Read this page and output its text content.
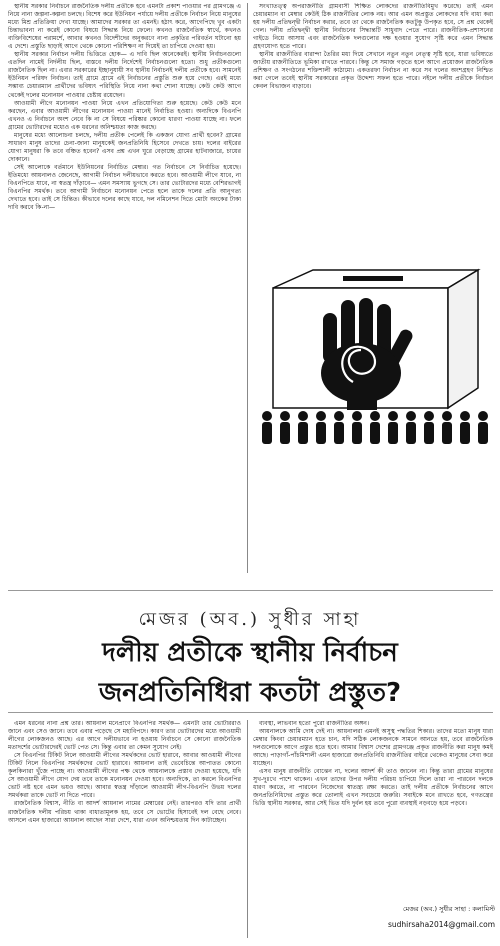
স্থানীয় সরকার নির্বাচনে রাজনৈতিক দলীয় প্রতীকে হবে এমনটা প্রকাশ পাওয়ার পর গ্রামগঞ্জে এ নিয়ে নানা জল্পনা-কল্পনা চলছে। বিশেষ করে ইউনিয়ন পর্যায়ে দলীয় প্রতীকে নির্বাচন নিয়ে মানুষের মধ্যে মিশ্র প্রতিক্রিয়া দেখা যাচ্ছে। আমাদের সরকার তা এমনই। হঠাৎ করে, আগেপিছে খুব একটা চিন্তাভাবনা না করেই কোনো বিষয়ে সিদ্ধান্ত নিয়ে ফেলে। কখনও রাজনৈতিক স্বার্থে, কখনও ব্যক্তিবিশেষের পরামর্শে, আবার কখনও বিদেশীদের অনুকরণে নানা প্রকৃতির পরিবর্তন ঘটানো হয় এ দেশে। প্রস্তুতি ছাড়াই আগে থেকে কোনো পরিশিক্ষণ না দিয়েই তা চাপিয়ে দেওয়া হয়।

স্থানীয় সরকার নির্বাচন দলীয় ভিত্তিতে হোক— এ দাবি ছিল অনেকেরই। স্থানীয় নির্বাচনগুলো এতদিন নামেই নির্দলীয় ছিল, বাস্তবে দলীয় নির্দেশেই নির্বাচনগুলো হতো। শুধু প্রতীকগুলো রাজনৈতিক ছিল না। এবার সরকারের ইচ্ছানুযায়ী সব স্থানীয় নির্বাচনই দলীয় প্রতীকে হবে। সামনেই ইউনিয়ন পরিষদ নির্বাচন। তাই গ্রামে গ্রামে এই নির্বাচনের প্রস্তুতি শুরু হয়ে গেছে। এরই মধ্যে সম্ভাব্য চেয়ারম্যান প্রার্থীদের ভবিষ্যৎ পরিস্থিতি নিয়ে নানা কথা শোনা যাচ্ছে। কেউ কেউ আগে থেকেই দলের মনোনয়ন পাওয়ার চেষ্টায় রয়েছেন।

আওয়ামী লীগে মনোনয়ন পাওয়া নিয়ে এখন প্রতিযোগিতা শুরু হয়েছে। কেউ কেউ মনে করছেন, এবার আওয়ামী লীগের মনোনয়ন পাওয়া মানেই নির্বাচিত হওয়া। অন্যদিকে বিএনপি এখনও এ নির্বাচনে অংশ নেবে কি না সে বিষয়ে পরিষ্কার কোনো ধারণা পাওয়া যাচ্ছে না। ফলে গ্রামের ভোটারদের মধ্যেও এক ধরনের অনিশ্চয়তা কাজ করছে।

মানুষের মধ্যে আলোচনা চলছে, দলীয় প্রতীক পেলেই কি একজন যোগ্য প্রার্থী হবেন? গ্রামের সাধারণ মানুষ তাদের চেনা-জানা মানুষকেই জনপ্রতিনিধি হিসেবে দেখতে চায়। দলের বাইরের যোগ্য মানুষরা কি তবে বঞ্চিত হবেন? এসব প্রশ্ন এখন ঘুরে বেড়াচ্ছে গ্রামের হাটবাজারে, চায়ের দোকানে।

সেই আলোকে বর্তমানে ইউনিয়নের নির্বাচিত মেম্বার। গত নির্বাচনে সে নির্বাচিত হয়েছে। ইতিমধ্যে আয়নালও জেনেছে, আগামী নির্বাচন দলীয়ভাবে করতে হবে। আওয়ামী লীগে যাবে, না বিএনপিতে যাবে, না স্বতন্ত্র দাঁড়াবে— এমন সমস্যায় ভুগছে সে। তার ভোটারদের মধ্যে বেশিরভাগই বিএনপির সমর্থক। তবে আগামী নির্বাচনে মনোনয়ন পেতে হলে তাকে দলের প্রতি আনুগত্য দেখাতে হবে। তাই সে চিন্তিত। কীভাবে দলের কাছে যাবে, দল নমিনেশন দিতে মোটা অংকের টাকা দাবি করবে কি-না—

সংখ্যাতত্ত্ব অপরাজনীতি গ্রামবাসী শিক্ষিত লোকদের রাজনীতিবিমুখ করেছে। তাই এমন চেয়ারম্যান বা মেম্বার কেউই ঠিক রাজনীতির লোক নয়। আর এমন অপ্রস্তুত লোকদের যদি বাধ্য করা হয় দলীয় প্রতিদ্বন্দ্বী নির্বাচন করার, তবে তা থেকে রাজনৈতিক কতটুকু উপকৃত হবে, সে প্রশ্ন থেকেই গেল। দলীয় প্রতিদ্বন্দ্বী স্থানীয় নির্বাচনের সিদ্ধান্তটি সাধুবাদ পেতে পারে। রাজনীতিক-প্রশাসনের গাইডে নিয়ে আসায় এবং রাজনৈতিক দলগুলোর দক্ষ হওয়ার সুযোগ সৃষ্টি করে এমন সিদ্ধান্ত গ্রহণযোগ্য হতে পারে।

স্থানীয় রাজনীতির বারান্দা তৈরির মধ্য দিয়ে সেখানে নতুন নতুন নেতৃত্ব সৃষ্টি হবে, যারা ভবিষ্যতে জাতীয় রাজনীতিতে ভূমিকা রাখতে পারবে। কিন্তু সে সমাজ গড়তে হলে আগে প্রয়োজন রাজনৈতিক প্রশিক্ষণ ও সংগঠনের শক্তিশালী কাঠামো। একতরফা নির্বাচন না করে সব দলের অংশগ্রহণ নিশ্চিত করা গেলে তবেই স্থানীয় সরকারের প্রকৃত উদ্দেশ্য সফল হতে পারে। নইলে দলীয় প্রতীকে নির্বাচন কেবল বিভাজন বাড়াবে।

মেজর (অব.) সুধীর সাহা
দলীয় প্রতীকে স্থানীয় নির্বাচন
জনপ্রতিনিধিরা কতটা প্রস্তুত?

এমন ধরনের নানা প্রশ্ন তার। আয়নাল মনেপ্রাণে বিএনপির সমর্থক— এমনটা তার ভোটাররাও জানে এবং সেও জানে। তবে এবার পড়েছে সে মহাবিপদে। কারণ তার ভোটারদের মধ্যে আওয়ামী লীগের লোকজনও আছে। এর আগে দলীয়ভাবে না হওয়ায় নির্বাচনে সে কোনো রাজনৈতিক মতাদর্শের ভোটারদেরই ভোট পেত সে। কিন্তু এবার তা কেমন সুযোগ নেই।

সে বিএনপির টিকিট নিলে আওয়ামী লীগের সমর্থকদের ভোট হারাবে, আবার আওয়ামী লীগের টিকিট নিলে বিএনপির সমর্থকদের ভোট হারাবে। আয়নাল তাই ভেবেচিন্তে আপাতত কোনো কূলকিনারা খুঁজে পাচ্ছে না। আওয়ামী লীগের পক্ষ থেকে আয়নালকে প্রস্তাব দেওয়া হয়েছে, যদি সে আওয়ামী লীগে যোগ দেয় তবে তাকে মনোনয়ন দেওয়া হবে। অন্যদিকে, তা করলে বিএনপির ভোট নষ্ট হবে এমন ভয়ও আছে। আবার স্বতন্ত্র দাঁড়ালে আওয়ামী লীগ-বিএনপি উভয় দলের সমর্থকরা তাকে ভোট না দিতে পারে।

রাজনৈতিক বিশ্বাস, নীতি বা আদর্শ আয়নাল নামের মেম্বারের নেই। তারপরও যদি তার প্রার্থী রাজনৈতিক দলীয় পরিচয় থাকা বাধ্যতামূলক হয়, তবে সে ভোটের হিসাবেই দল বেছে নেবে। আসলে এমন হাজারো আয়নাল আছেন সারা দেশে, যারা এখন অনিশ্চয়তায় দিন কাটাচ্ছেন।

ব্যবস্থা, লাভবান হতো পুরো রাজনীতির অঙ্গন।

আয়নালকে আমি দোষ দেই না। আয়নালরা এমনই অসুস্থ পদ্ধতির শিকার। তাদের মতো মানুষ যারা মেম্বার কিংবা চেয়ারম্যান হতে চান, যদি সঠিক লোকজনকে সামনে আনতে হয়, তবে রাজনৈতিক দলগুলোকে আগে প্রস্তুত হতে হবে। আমার বিশ্বাস দেশের গ্রামগঞ্জে প্রকৃত রাজনীতি করা মানুষ কমই আছে। পাড়াগাঁ-পাঁচমিশালী এমন হাজারো জনপ্রতিনিধি রাজনীতির বাইরে থেকেও মানুষের সেবা করে যাচ্ছেন।

এসব মানুষ রাজনীতি বোঝেন না, দলের আদর্শ কী তাও জানেন না। কিন্তু তারা গ্রামের মানুষের সুখ-দুঃখে পাশে থাকেন। এখন তাদের উপর দলীয় পরিচয় চাপিয়ে দিলে তারা না পারবেন দলকে ধারণ করতে, না পারবেন নিজেদের স্বাতন্ত্র্য রক্ষা করতে। তাই দলীয় প্রতীকে নির্বাচনের আগে জনপ্রতিনিধিদের প্রস্তুত করে তোলাই এখন সবচেয়ে জরুরি। সবাইকে মনে রাখতে হবে, গণতন্ত্রের ভিত্তি স্থানীয় সরকার, আর সেই ভিত যদি দুর্বল হয় তবে পুরো ব্যবস্থাই নড়বড়ে হয়ে পড়বে।

মেজর (অব.) সুধীর সাহা : কলামিস্ট
sudhirsaha2014@gmail.com
